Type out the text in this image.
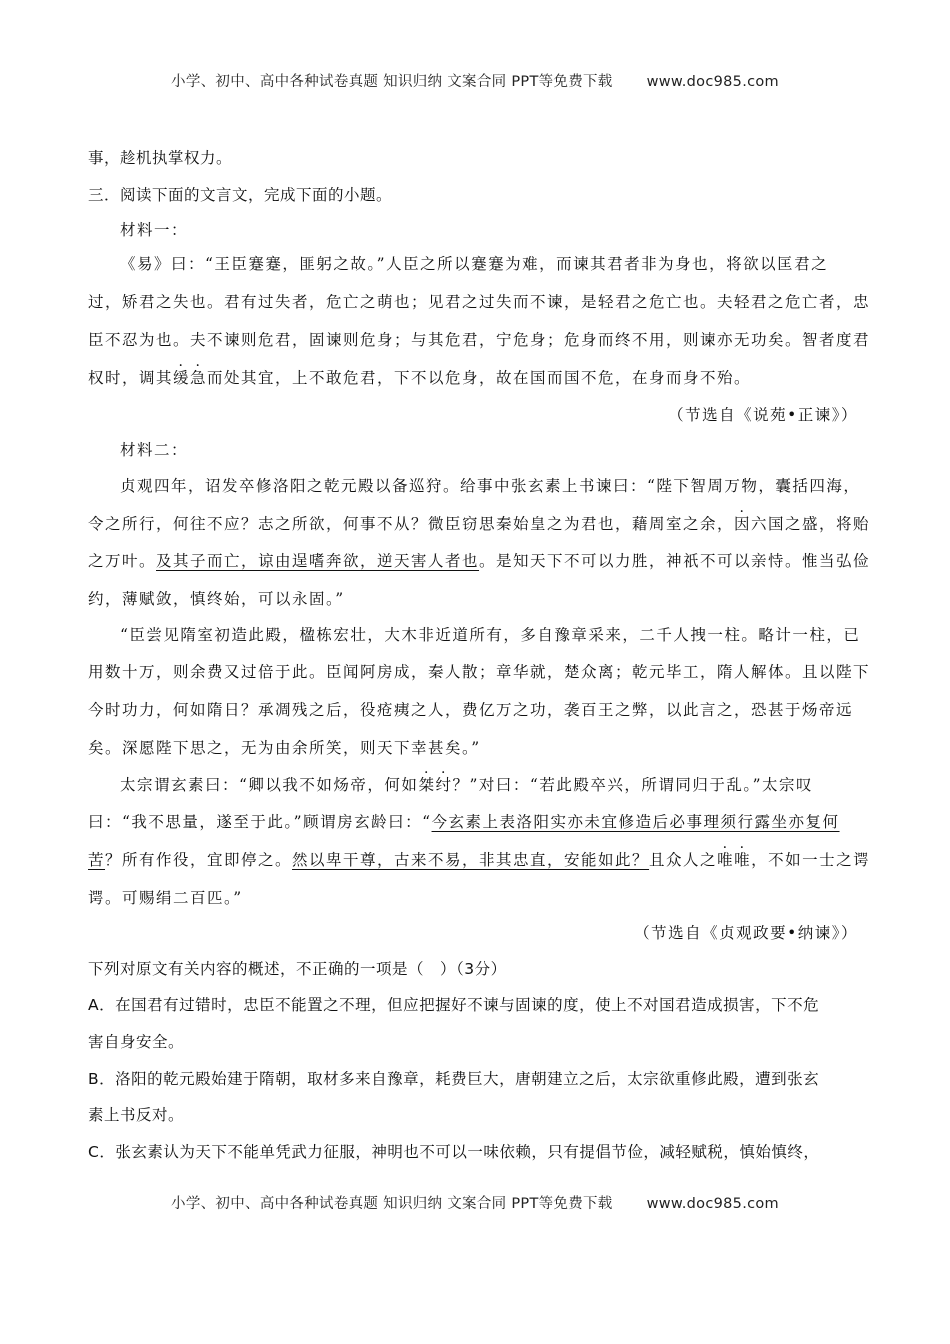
小学、初中、高中各种试卷真题 知识归纳 文案合同 PPT等免费下载 www.doc985.com
事，趁机执掌权力。
三．阅读下面的文言文，完成下面的小题。
材料一：
《易》曰：“王臣蹇蹇，匪躬之故。”人臣之所以蹇蹇为难，而谏其君者非为身也，将欲以匡君之
过，矫君之失也。君有过失者，危亡之萌也；见君之过失而不谏，是轻君之危亡也。夫轻君之危亡者，忠
臣不忍为也。夫不谏则危君，固谏则危身；与其危君，宁危身；危身而终不用，则谏亦无功矣。智者度君
权时，调其缓急而处其宜，上不敢危君，下不以危身，故在国而国不危，在身而身不殆。
（节选自《说苑•正谏》）
材料二：
贞观四年，诏发卒修洛阳之乾元殿以备巡狩。给事中张玄素上书谏曰：“陛下智周万物，囊括四海，
令之所行，何往不应？志之所欲，何事不从？微臣窃思秦始皇之为君也，藉周室之余，因六国之盛，将贻
之万叶。及其子而亡，谅由逞嗜奔欲，逆天害人者也。是知天下不可以力胜，神祇不可以亲恃。惟当弘俭
约，薄赋敛，慎终始，可以永固。”
“臣尝见隋室初造此殿，楹栋宏壮，大木非近道所有，多自豫章采来，二千人拽一柱。略计一柱，已
用数十万，则余费又过倍于此。臣闻阿房成，秦人散；章华就，楚众离；乾元毕工，隋人解体。且以陛下
今时功力，何如隋日？承凋残之后，役疮痍之人，费亿万之功，袭百王之弊，以此言之，恐甚于炀帝远
矣。深愿陛下思之，无为由余所笑，则天下幸甚矣。”
太宗谓玄素曰：“卿以我不如炀帝，何如桀纣？”对曰：“若此殿卒兴，所谓同归于乱。”太宗叹
曰：“我不思量，遂至于此。”顾谓房玄龄曰：“今玄素上表洛阳实亦未宜修造后必事理须行露坐亦复何
苦？所有作役，宜即停之。然以卑干尊，古来不易，非其忠直，安能如此？且众人之唯唯，不如一士之谔
谔。可赐绢二百匹。”
（节选自《贞观政要•纳谏》）
下列对原文有关内容的概述，不正确的一项是（　）（3分）
A．在国君有过错时，忠臣不能置之不理，但应把握好不谏与固谏的度，使上不对国君造成损害，下不危
害自身安全。
B．洛阳的乾元殿始建于隋朝，取材多来自豫章，耗费巨大，唐朝建立之后，太宗欲重修此殿，遭到张玄
素上书反对。
C．张玄素认为天下不能单凭武力征服，神明也不可以一味依赖，只有提倡节俭，减轻赋税，慎始慎终，
小学、初中、高中各种试卷真题 知识归纳 文案合同 PPT等免费下载 www.doc985.com
